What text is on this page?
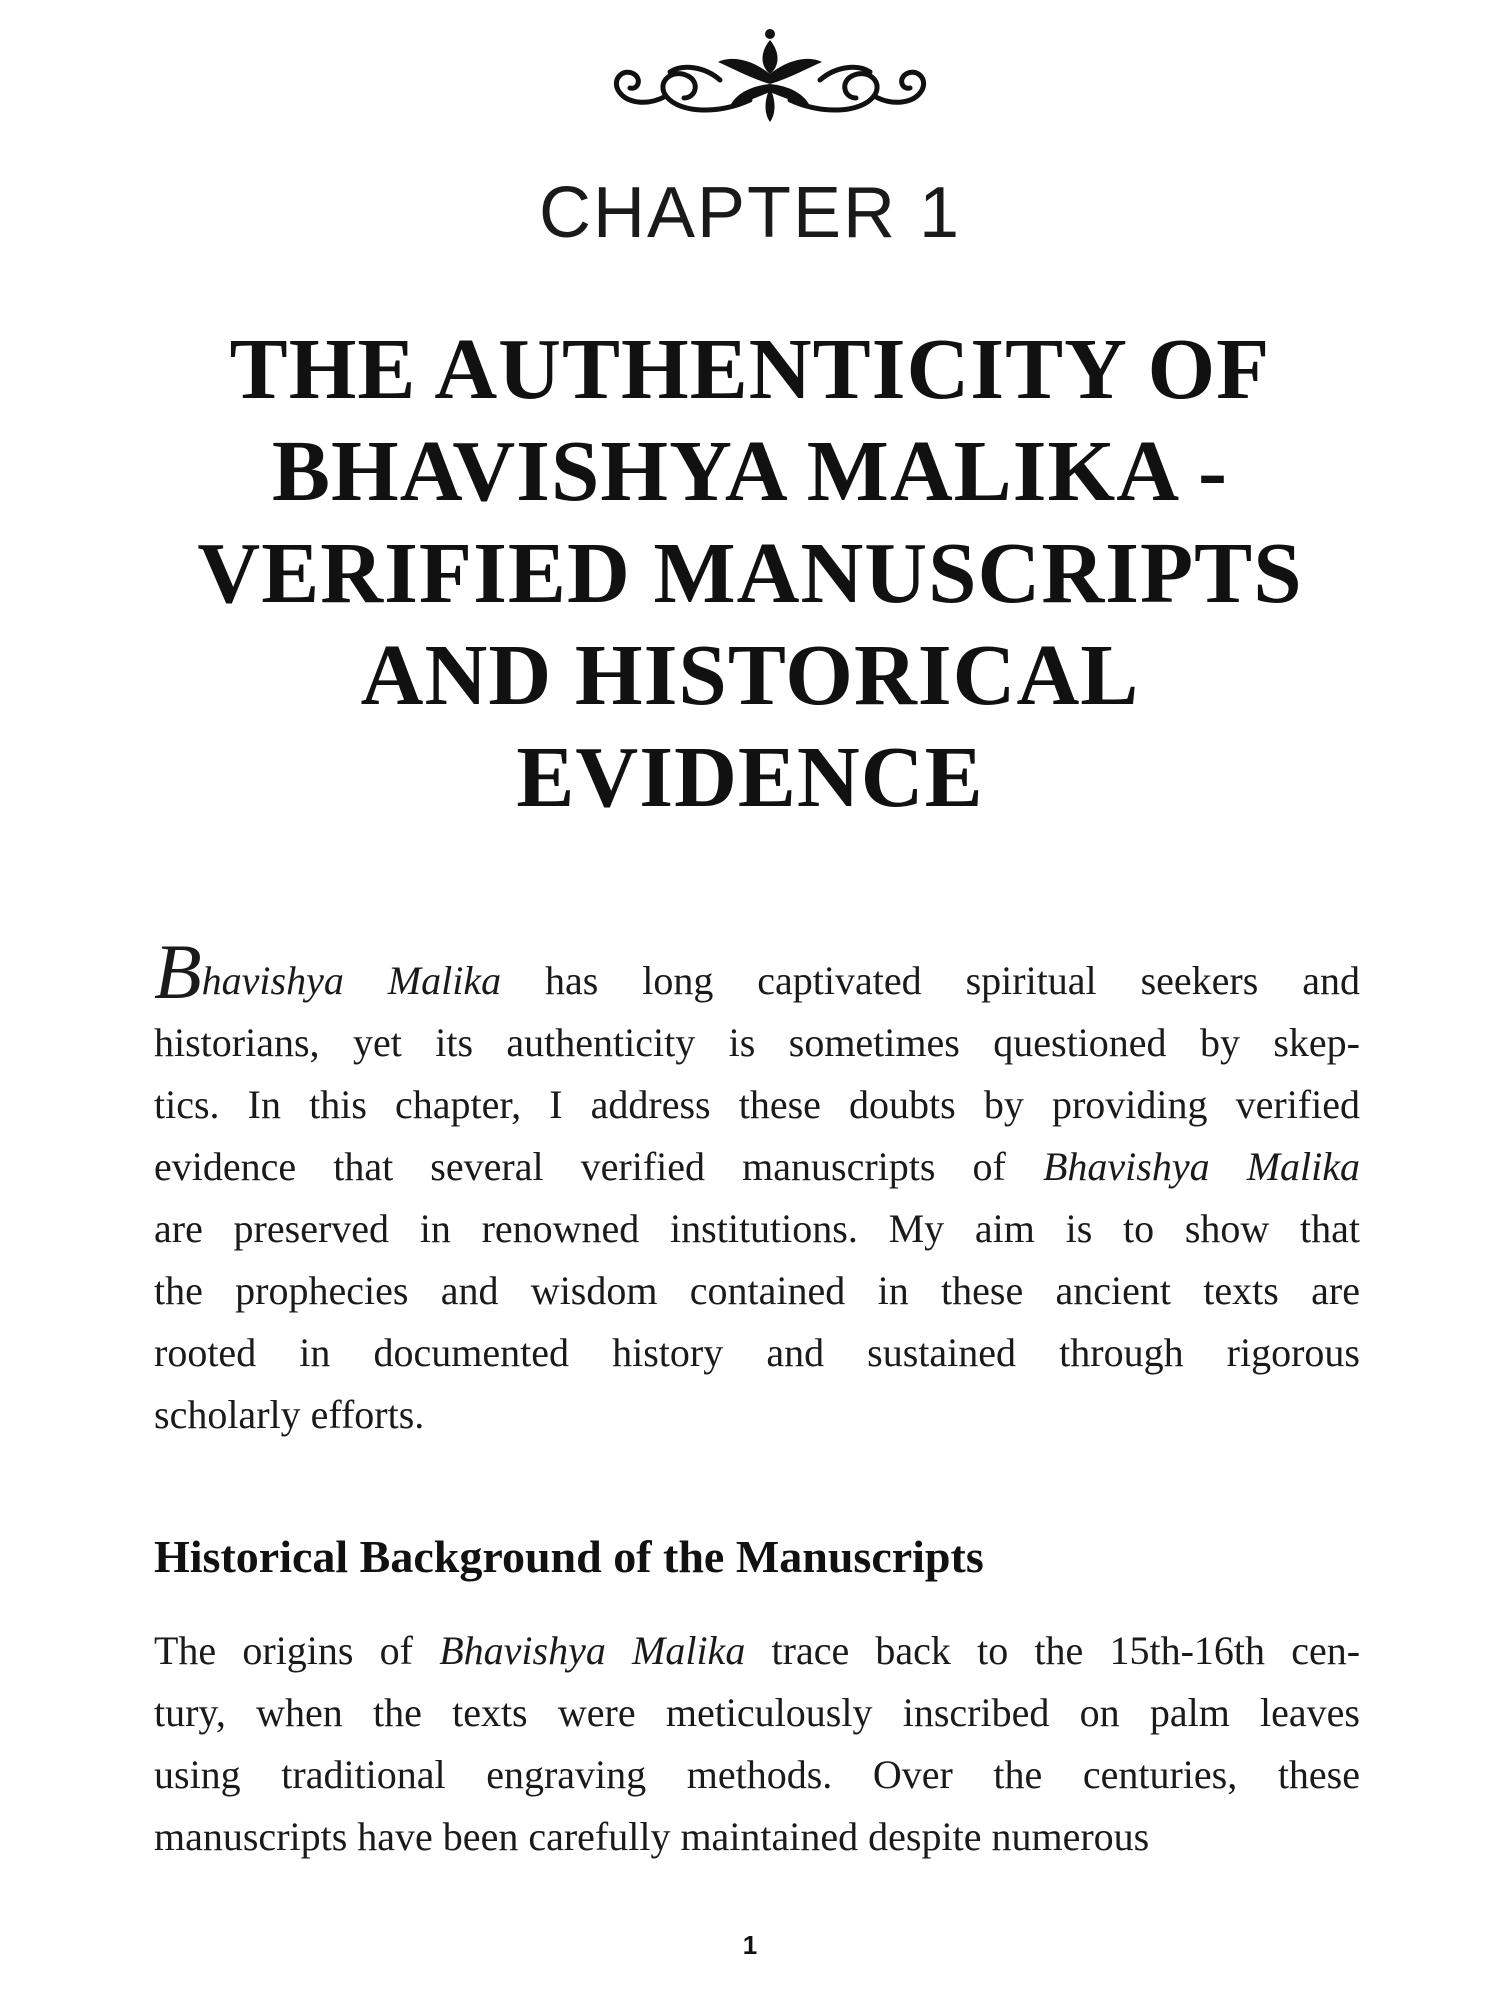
CHAPTER 1
THE AUTHENTICITY OF
BHAVISHYA MALIKA -
VERIFIED MANUSCRIPTS
AND HISTORICAL
EVIDENCE
Bhavishya Malika has long captivated spiritual seekers and
historians, yet its authenticity is sometimes questioned by skep-
tics. In this chapter, I address these doubts by providing verified
evidence that several verified manuscripts of Bhavishya Malika
are preserved in renowned institutions. My aim is to show that
the prophecies and wisdom contained in these ancient texts are
rooted in documented history and sustained through rigorous
scholarly efforts.
Historical Background of the Manuscripts
The origins of Bhavishya Malika trace back to the 15th-16th cen-
tury, when the texts were meticulously inscribed on palm leaves
using traditional engraving methods. Over the centuries, these
manuscripts have been carefully maintained despite numerous
1
